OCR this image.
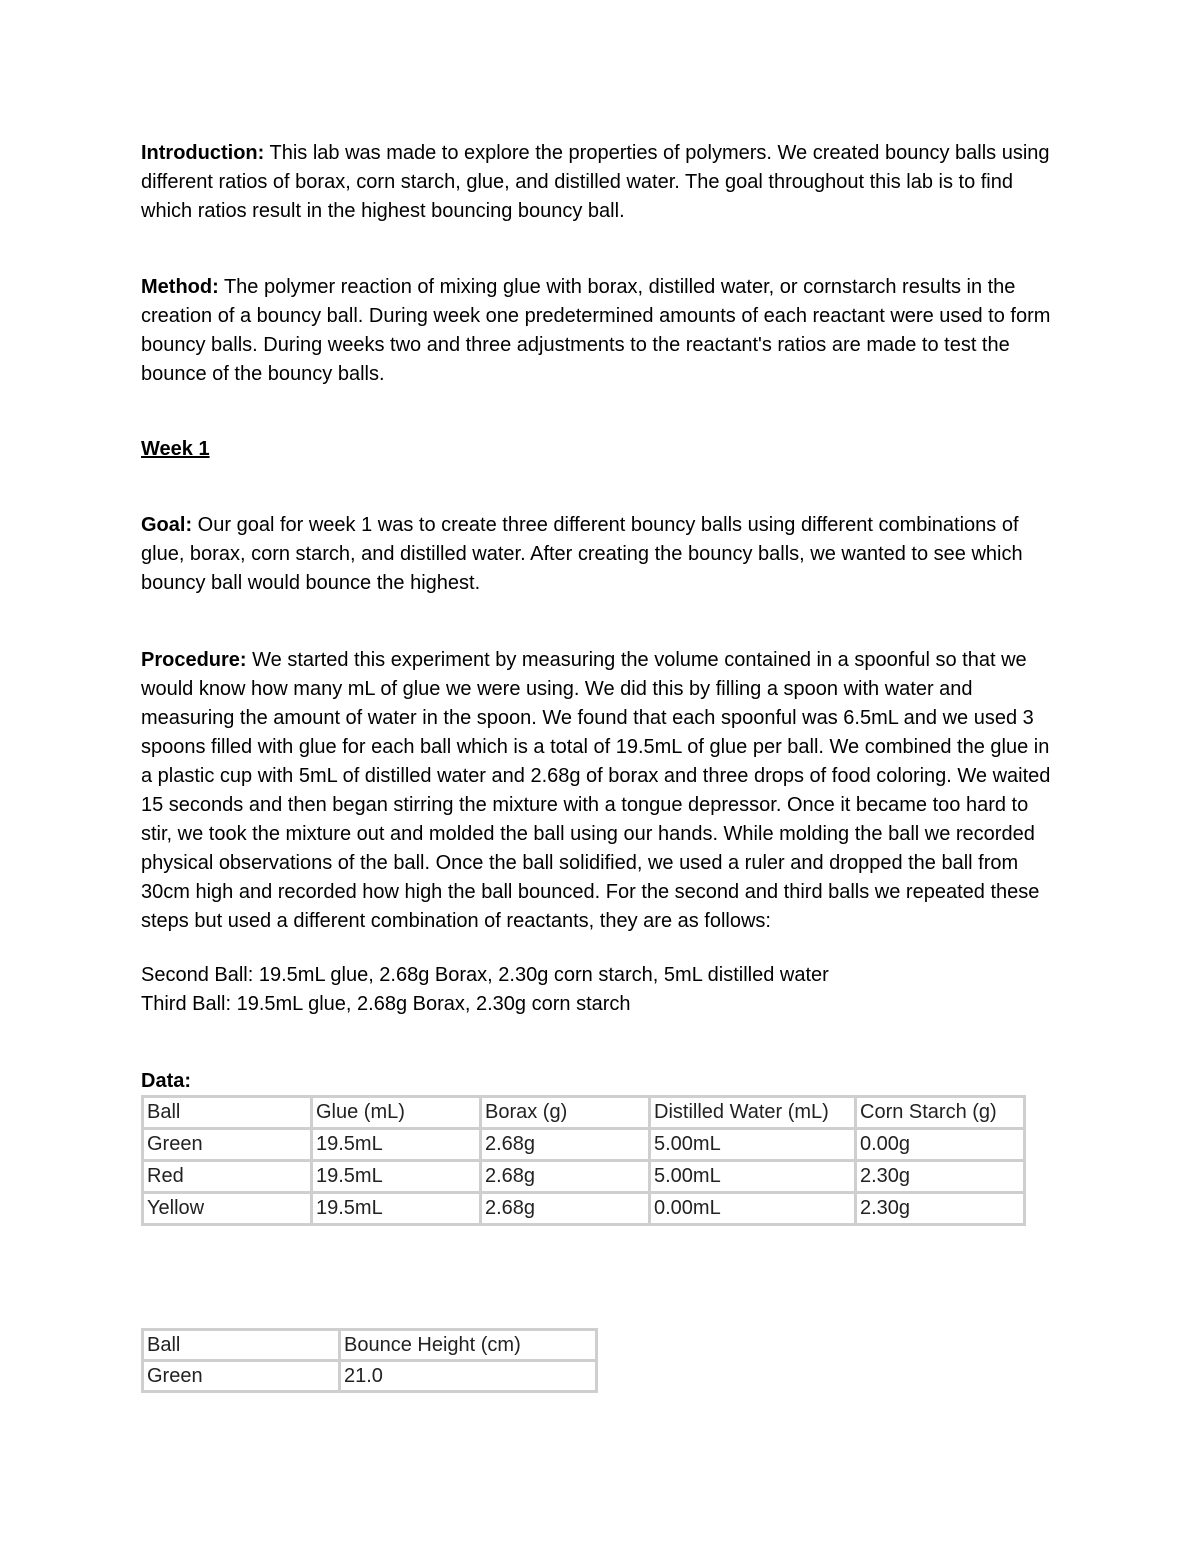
Introduction: This lab was made to explore the properties of polymers. We created bouncy balls using different ratios of borax, corn starch, glue, and distilled water. The goal throughout this lab is to find which ratios result in the highest bouncing bouncy ball.

Method: The polymer reaction of mixing glue with borax, distilled water, or cornstarch results in the creation of a bouncy ball. During week one predetermined amounts of each reactant were used to form bouncy balls. During weeks two and three adjustments to the reactant's ratios are made to test the bounce of the bouncy balls.

Week 1

Goal: Our goal for week 1 was to create three different bouncy balls using different combinations of glue, borax, corn starch, and distilled water. After creating the bouncy balls, we wanted to see which bouncy ball would bounce the highest.

Procedure: We started this experiment by measuring the volume contained in a spoonful so that we would know how many mL of glue we were using. We did this by filling a spoon with water and measuring the amount of water in the spoon. We found that each spoonful was 6.5mL and we used 3 spoons filled with glue for each ball which is a total of 19.5mL of glue per ball. We combined the glue in a plastic cup with 5mL of distilled water and 2.68g of borax and three drops of food coloring. We waited 15 seconds and then began stirring the mixture with a tongue depressor. Once it became too hard to stir, we took the mixture out and molded the ball using our hands. While molding the ball we recorded physical observations of the ball. Once the ball solidified, we used a ruler and dropped the ball from 30cm high and recorded how high the ball bounced. For the second and third balls we repeated these steps but used a different combination of reactants, they are as follows:

Second Ball: 19.5mL glue, 2.68g Borax, 2.30g corn starch, 5mL distilled water
Third Ball: 19.5mL glue, 2.68g Borax, 2.30g corn starch
Data:
Ball	Glue (mL)	Borax (g)	Distilled Water (mL)	Corn Starch (g)
Green	19.5mL	2.68g	5.00mL	0.00g
Red	19.5mL	2.68g	5.00mL	2.30g
Yellow	19.5mL	2.68g	0.00mL	2.30g
Ball	Bounce Height (cm)
Green	21.0
